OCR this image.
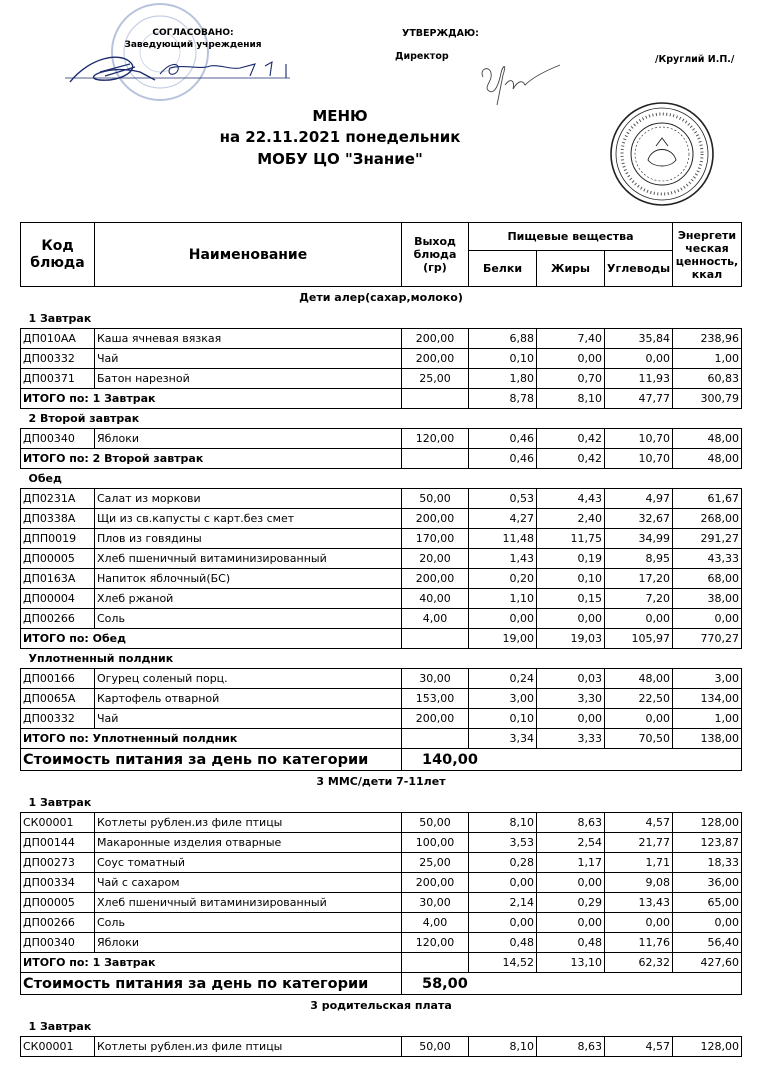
СОГЛАСОВАНО:
Заведующий учреждения
УТВЕРЖДАЮ:
Директор	/Круглий И.П./
МЕНЮ
на 22.11.2021 понедельник
МОБУ ЦО "Знание"
Код блюда	Наименование	Выход блюда (гр)	Пищевые вещества			Энергети ческая ценность, ккал
			Белки	Жиры	Углеводы	
Дети алер(сахар,молоко)						
1 Завтрак						
ДП010АА	Каша ячневая вязкая	200,00	6,88	7,40	35,84	238,96
ДП00332	Чай	200,00	0,10	0,00	0,00	1,00
ДП00371	Батон нарезной	25,00	1,80	0,70	11,93	60,83
ИТОГО по: 1 Завтрак			8,78	8,10	47,77	300,79
2 Второй завтрак						
ДП00340	Яблоки	120,00	0,46	0,42	10,70	48,00
ИТОГО по: 2 Второй завтрак			0,46	0,42	10,70	48,00
Обед						
ДП0231А	Салат из моркови	50,00	0,53	4,43	4,97	61,67
ДП0338А	Щи из св.капусты с карт.без смет	200,00	4,27	2,40	32,67	268,00
ДПП0019	Плов из говядины	170,00	11,48	11,75	34,99	291,27
ДП00005	Хлеб пшеничный витаминизированный	20,00	1,43	0,19	8,95	43,33
ДП0163А	Напиток яблочный(БС)	200,00	0,20	0,10	17,20	68,00
ДП00004	Хлеб ржаной	40,00	1,10	0,15	7,20	38,00
ДП00266	Соль	4,00	0,00	0,00	0,00	0,00
ИТОГО по: Обед			19,00	19,03	105,97	770,27
Уплотненный полдник						
ДП00166	Огурец соленый порц.	30,00	0,24	0,03	48,00	3,00
ДП0065А	Картофель отварной	153,00	3,00	3,30	22,50	134,00
ДП00332	Чай	200,00	0,10	0,00	0,00	1,00
ИТОГО по: Уплотненный полдник			3,34	3,33	70,50	138,00
Стоимость питания за день по категории		140,00				
3 ММС/дети 7-11лет						
1 Завтрак						
СК00001	Котлеты рублен.из филе птицы	50,00	8,10	8,63	4,57	128,00
ДП00144	Макаронные изделия отварные	100,00	3,53	2,54	21,77	123,87
ДП00273	Соус томатный	25,00	0,28	1,17	1,71	18,33
ДП00334	Чай с сахаром	200,00	0,00	0,00	9,08	36,00
ДП00005	Хлеб пшеничный витаминизированный	30,00	2,14	0,29	13,43	65,00
ДП00266	Соль	4,00	0,00	0,00	0,00	0,00
ДП00340	Яблоки	120,00	0,48	0,48	11,76	56,40
ИТОГО по: 1 Завтрак			14,52	13,10	62,32	427,60
Стоимость питания за день по категории		58,00				
3 родительская плата						
1 Завтрак						
СК00001	Котлеты рублен.из филе птицы	50,00	8,10	8,63	4,57	128,00
